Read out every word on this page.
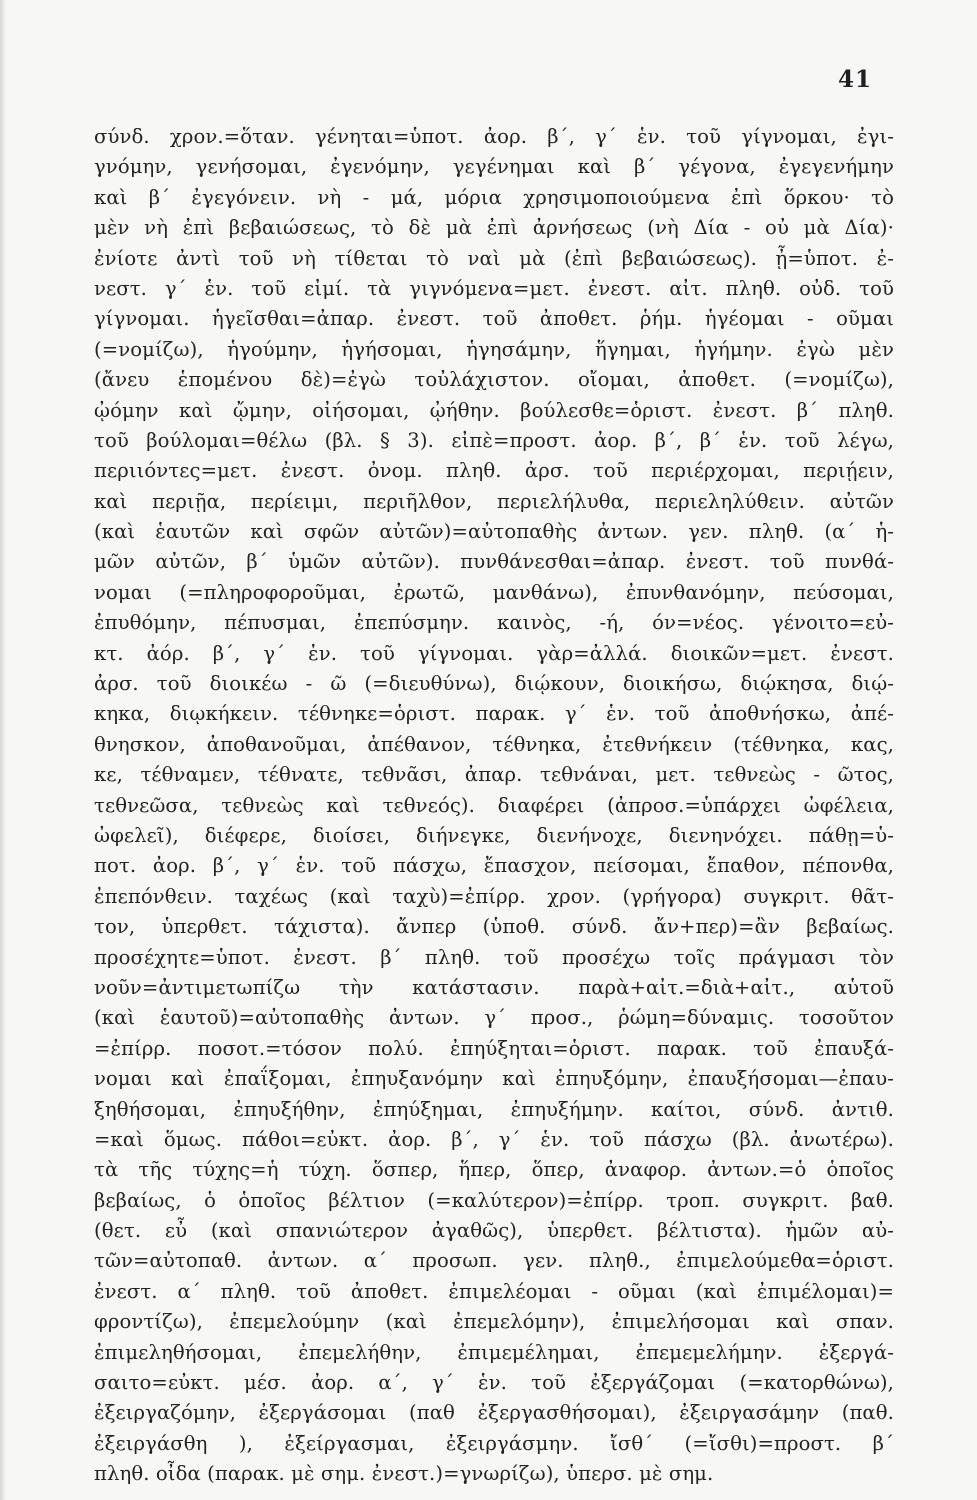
41
σύνδ. χρον.=ὅταν. γένηται=ὑποτ. ἀορ. β΄, γ΄ ἑν. τοῦ γίγνομαι, ἐγι-
γνόμην, γενήσομαι, ἐγενόμην, γεγένημαι καὶ β΄ γέγονα, ἐγεγενήμην
καὶ β΄ ἐγεγόνειν. νὴ - μά, μόρια χρησιμοποιούμενα ἐπὶ ὅρκου· τὸ
μὲν νὴ ἐπὶ βεβαιώσεως, τὸ δὲ μὰ ἐπὶ ἀρνήσεως (νὴ Δία - οὐ μὰ Δία)·
ἐνίοτε ἀντὶ τοῦ νὴ τίθεται τὸ ναὶ μὰ (ἐπὶ βεβαιώσεως). ᾖ=ὑποτ. ἐ-
νεστ. γ΄ ἑν. τοῦ εἰμί. τὰ γιγνόμενα=μετ. ἐνεστ. αἰτ. πληθ. οὐδ. τοῦ
γίγνομαι. ἡγεῖσθαι=ἀπαρ. ἐνεστ. τοῦ ἀποθετ. ῥήμ. ἡγέομαι - οῦμαι
(=νομίζω), ἡγούμην, ἡγήσομαι, ἡγησάμην, ἥγημαι, ἡγήμην. ἐγὼ μὲν
(ἄνευ ἑπομένου δὲ)=ἐγὼ τοὐλάχιστον. οἴομαι, ἀποθετ. (=νομίζω),
ᾠόμην καὶ ᾤμην, οἰήσομαι, ᾠήθην. βούλεσθε=ὁριστ. ἐνεστ. β΄ πληθ.
τοῦ βούλομαι=θέλω (βλ. § 3). εἰπὲ=προστ. ἀορ. β΄, β΄ ἑν. τοῦ λέγω,
περιιόντες=μετ. ἐνεστ. ὀνομ. πληθ. ἀρσ. τοῦ περιέρχομαι, περιῄειν,
καὶ περιῇα, περίειμι, περιῆλθον, περιελήλυθα, περιεληλύθειν. αὐτῶν
(καὶ ἑαυτῶν καὶ σφῶν αὐτῶν)=αὐτοπαθὴς ἀντων. γεν. πληθ. (α΄ ἡ-
μῶν αὐτῶν, β΄ ὑμῶν αὐτῶν). πυνθάνεσθαι=ἀπαρ. ἐνεστ. τοῦ πυνθά-
νομαι (=πληροφοροῦμαι, ἐρωτῶ, μανθάνω), ἐπυνθανόμην, πεύσομαι,
ἐπυθόμην, πέπυσμαι, ἐπεπύσμην. καινὸς, -ή, όν=νέος. γένοιτο=εὐ-
κτ. ἀόρ. β΄, γ΄ ἑν. τοῦ γίγνομαι. γὰρ=ἀλλά. διοικῶν=μετ. ἐνεστ.
ἀρσ. τοῦ διοικέω - ῶ (=διευθύνω), διῴκουν, διοικήσω, διῴκησα, διῴ-
κηκα, διῳκήκειν. τέθνηκε=ὁριστ. παρακ. γ΄ ἑν. τοῦ ἀποθνήσκω, ἀπέ-
θνησκον, ἀποθανοῦμαι, ἀπέθανον, τέθνηκα, ἐτεθνήκειν (τέθνηκα, κας,
κε, τέθναμεν, τέθνατε, τεθνᾶσι, ἀπαρ. τεθνάναι, μετ. τεθνεὼς - ῶτος,
τεθνεῶσα, τεθνεὼς καὶ τεθνεός). διαφέρει (ἀπροσ.=ὑπάρχει ὠφέλεια,
ὠφελεῖ), διέφερε, διοίσει, διήνεγκε, διενήνοχε, διενηνόχει. πάθῃ=ὑ-
ποτ. ἀορ. β΄, γ΄ ἑν. τοῦ πάσχω, ἔπασχον, πείσομαι, ἔπαθον, πέπονθα,
ἐπεπόνθειν. ταχέως (καὶ ταχὺ)=ἐπίρρ. χρον. (γρήγορα) συγκριτ. θᾶτ-
τον, ὑπερθετ. τάχιστα). ἄνπερ (ὑποθ. σύνδ. ἄν+περ)=ἂν βεβαίως.
προσέχητε=ὑποτ. ἐνεστ. β΄ πληθ. τοῦ προσέχω τοῖς πράγμασι τὸν
νοῦν=ἀντιμετωπίζω τὴν κατάστασιν. παρὰ+αἰτ.=διὰ+αἰτ., αὑτοῦ
(καὶ ἑαυτοῦ)=αὐτοπαθὴς ἀντων. γ΄ προσ., ῥώμη=δύναμις. τοσοῦτον
=ἐπίρρ. ποσοτ.=τόσον πολύ. ἐπηύξηται=ὁριστ. παρακ. τοῦ ἐπαυξά-
νομαι καὶ ἐπαΐξομαι, ἐπηυξανόμην καὶ ἐπηυξόμην, ἐπαυξήσομαι—ἐπαυ-
ξηθήσομαι, ἐπηυξήθην, ἐπηύξημαι, ἐπηυξήμην. καίτοι, σύνδ. ἀντιθ.
=καὶ ὅμως. πάθοι=εὐκτ. ἀορ. β΄, γ΄ ἑν. τοῦ πάσχω (βλ. ἀνωτέρω).
τὰ τῆς τύχης=ἡ τύχη. ὅσπερ, ἥπερ, ὅπερ, ἀναφορ. ἀντων.=ὁ ὁποῖος
βεβαίως, ὁ ὁποῖος βέλτιον (=καλύτερον)=ἐπίρρ. τροπ. συγκριτ. βαθ.
(θετ. εὖ (καὶ σπανιώτερον ἀγαθῶς), ὑπερθετ. βέλτιστα). ἡμῶν αὐ-
τῶν=αὐτοπαθ. ἀντων. α΄ προσωπ. γεν. πληθ., ἐπιμελούμεθα=ὁριστ.
ἐνεστ. α΄ πληθ. τοῦ ἀποθετ. ἐπιμελέομαι - οῦμαι (καὶ ἐπιμέλομαι)=
φροντίζω), ἐπεμελούμην (καὶ ἐπεμελόμην), ἐπιμελήσομαι καὶ σπαν.
ἐπιμεληθήσομαι, ἐπεμελήθην, ἐπιμεμέλημαι, ἐπεμεμελήμην. ἐξεργά-
σαιτο=εὐκτ. μέσ. ἀορ. α΄, γ΄ ἑν. τοῦ ἐξεργάζομαι (=κατορθώνω),
ἐξειργαζόμην, ἐξεργάσομαι (παθ ἐξεργασθήσομαι), ἐξειργασάμην (παθ.
ἐξειργάσθη ), ἐξείργασμαι, ἐξειργάσμην. ἴσθ΄ (=ἴσθι)=προστ. β΄
πληθ. οἶδα (παρακ. μὲ σημ. ἐνεστ.)=γνωρίζω), ὑπερσ. μὲ σημ.
